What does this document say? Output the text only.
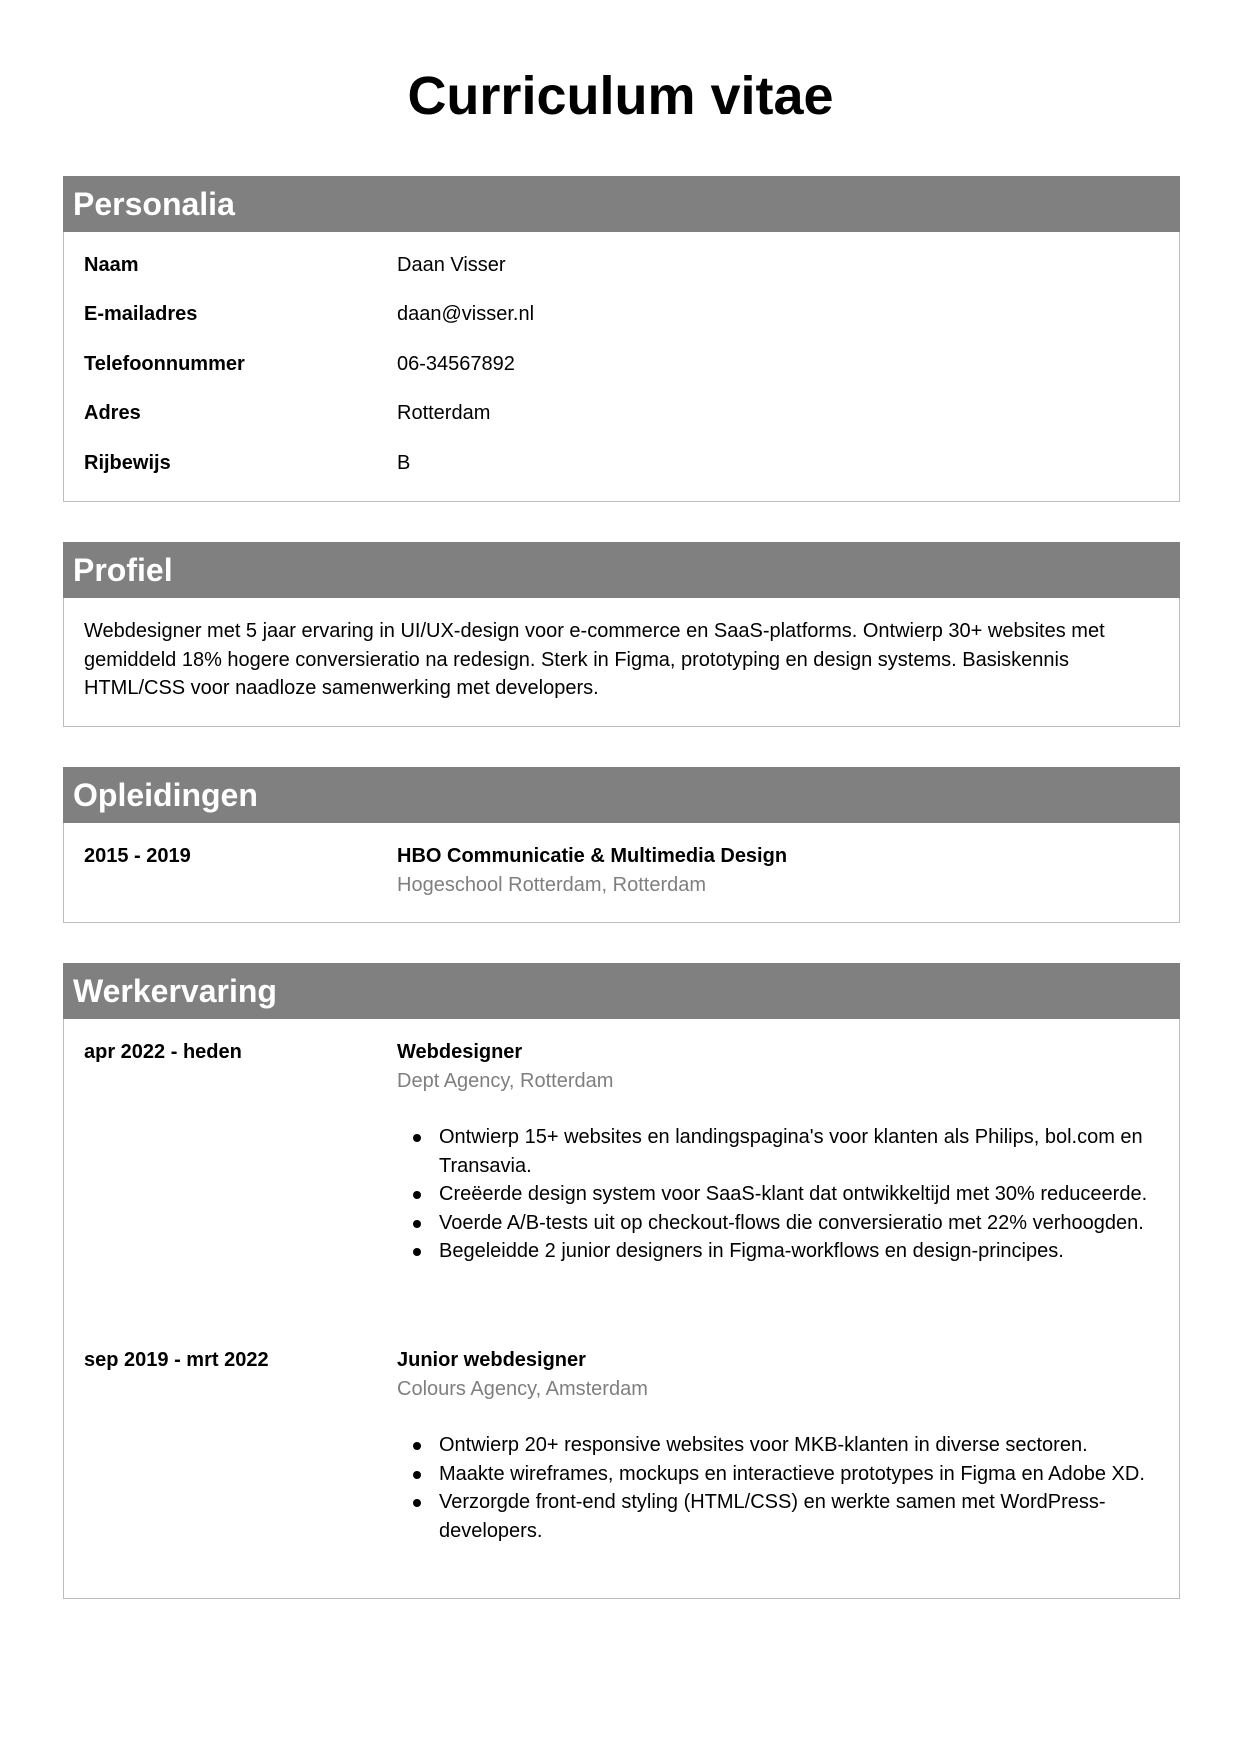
Curriculum vitae
Personalia
Naam	Daan Visser
E-mailadres	daan@visser.nl
Telefoonnummer	06-34567892
Adres	Rotterdam
Rijbewijs	B
Profiel
Webdesigner met 5 jaar ervaring in UI/UX-design voor e-commerce en SaaS-platforms. Ontwierp 30+ websites met gemiddeld 18% hogere conversieratio na redesign. Sterk in Figma, prototyping en design systems. Basiskennis HTML/CSS voor naadloze samenwerking met developers.
Opleidingen
2015 - 2019	HBO Communicatie & Multimedia Design
Hogeschool Rotterdam, Rotterdam
Werkervaring
apr 2022 - heden	Webdesigner
Dept Agency, Rotterdam
Ontwierp 15+ websites en landingspagina's voor klanten als Philips, bol.com en Transavia.
Creëerde design system voor SaaS-klant dat ontwikkeltijd met 30% reduceerde.
Voerde A/B-tests uit op checkout-flows die conversieratio met 22% verhoogden.
Begeleidde 2 junior designers in Figma-workflows en design-principes.
sep 2019 - mrt 2022	Junior webdesigner
Colours Agency, Amsterdam
Ontwierp 20+ responsive websites voor MKB-klanten in diverse sectoren.
Maakte wireframes, mockups en interactieve prototypes in Figma en Adobe XD.
Verzorgde front-end styling (HTML/CSS) en werkte samen met WordPress-developers.
